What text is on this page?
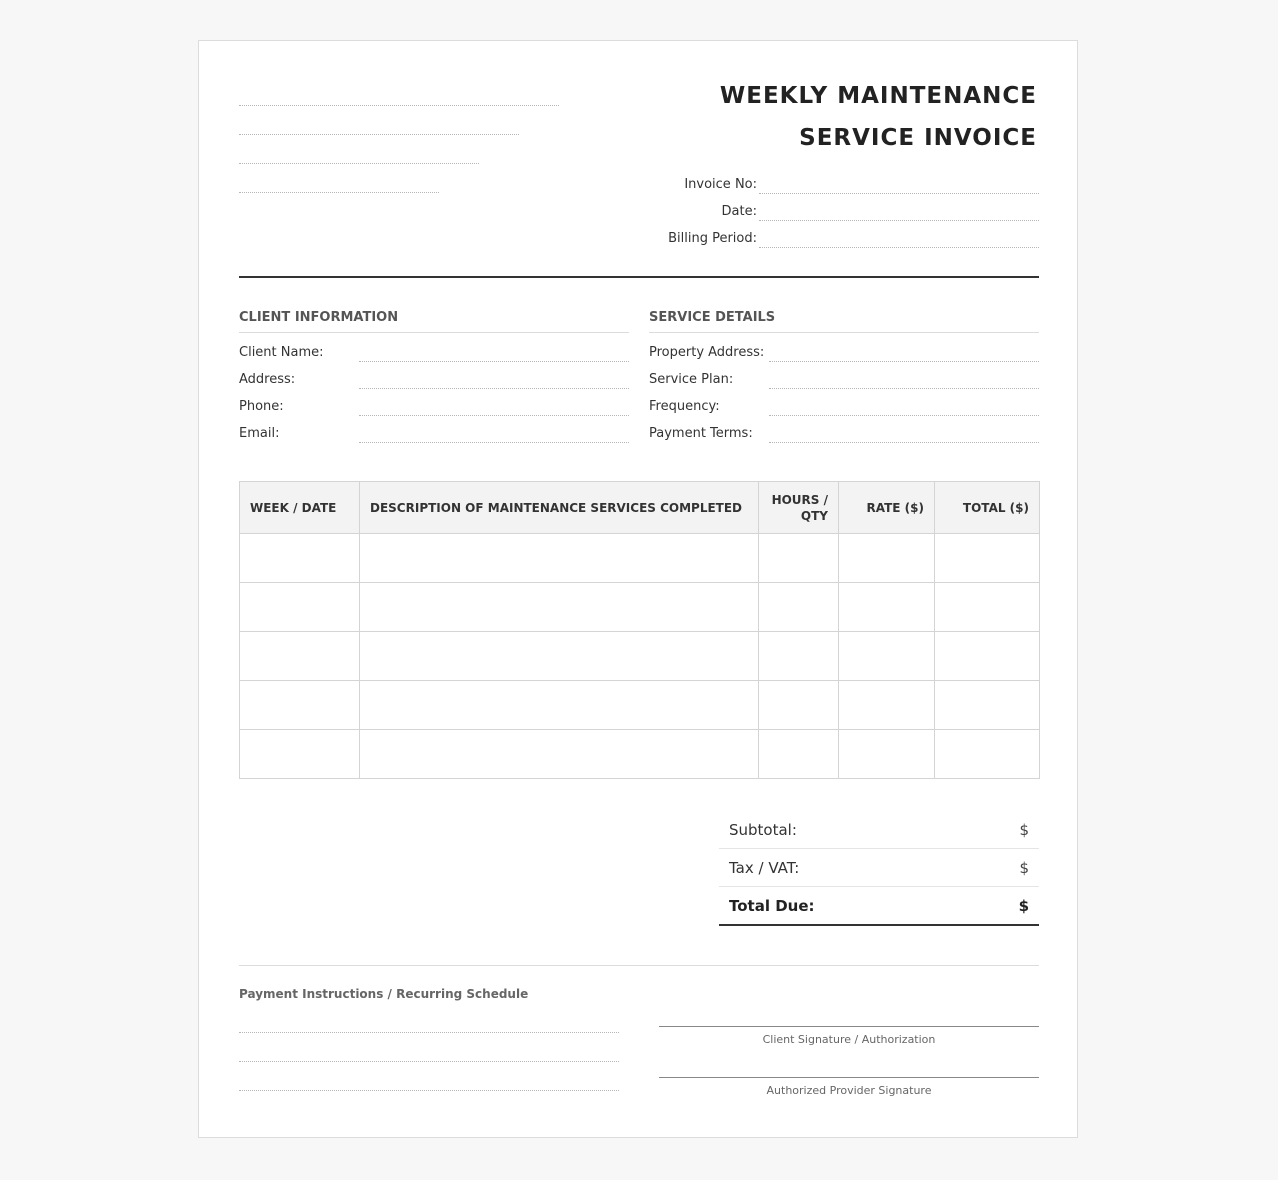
WEEKLY MAINTENANCE
SERVICE INVOICE
Invoice No:
Date:
Billing Period:
CLIENT INFORMATION
Client Name:
Address:
Phone:
Email:
SERVICE DETAILS
Property Address:
Service Plan:
Frequency:
Payment Terms:
WEEK / DATE	DESCRIPTION OF MAINTENANCE SERVICES COMPLETED	HOURS / QTY	RATE ($)	TOTAL ($)

Subtotal:	$
Tax / VAT:	$
Total Due:	$
Payment Instructions / Recurring Schedule
Client Signature / Authorization
Authorized Provider Signature
